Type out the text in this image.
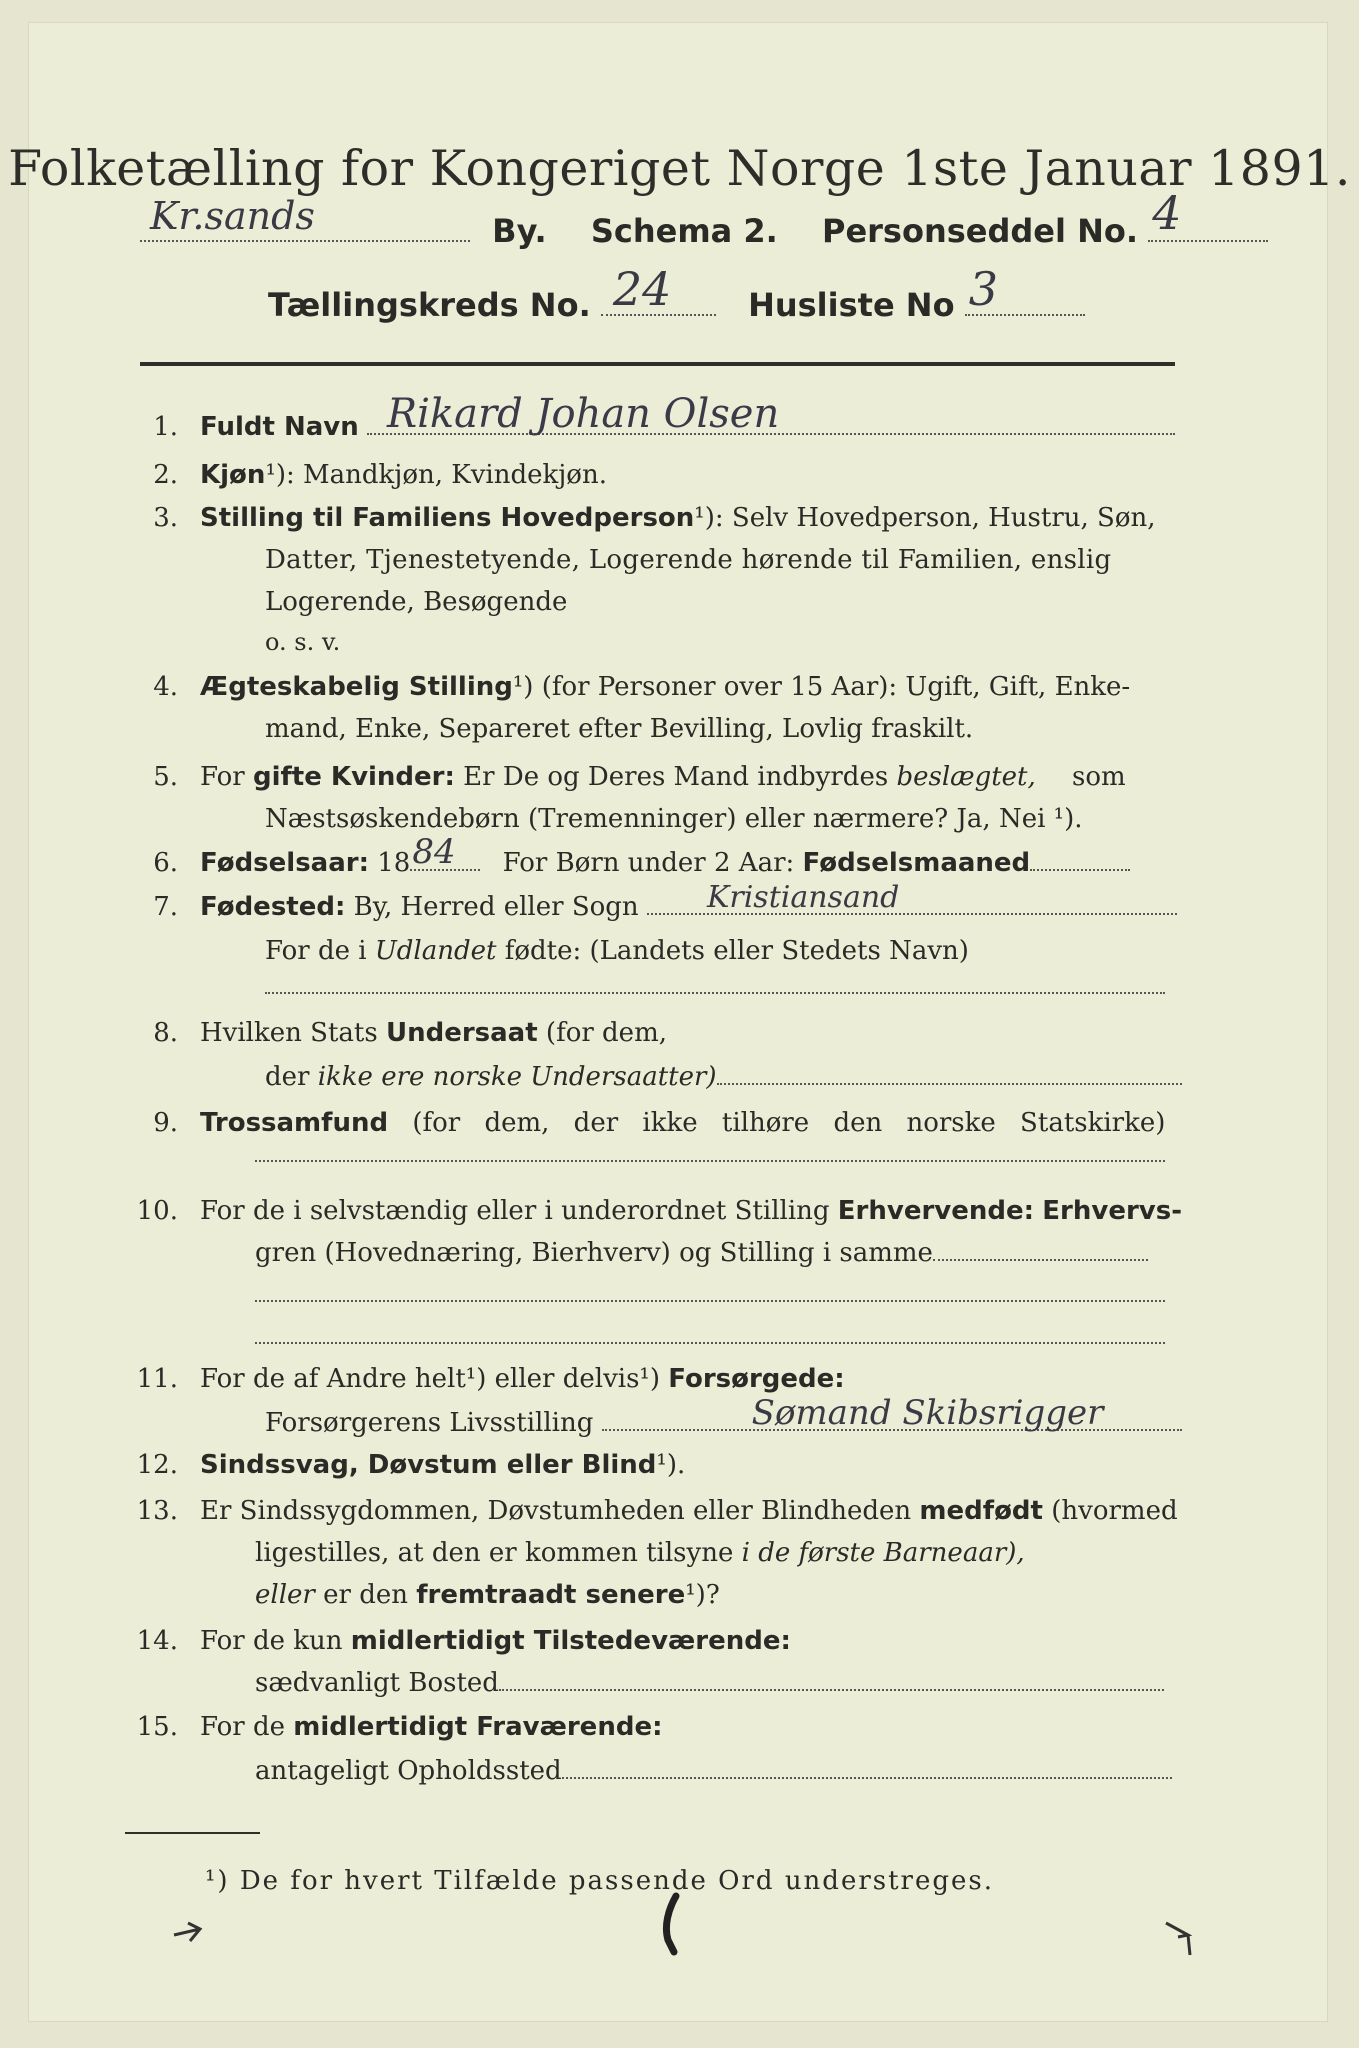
Folketælling for Kongeriget Norge 1ste Januar 1891.
Kr.sands	By. Schema 2. Personseddel No. 4
Tællingskreds No. 24 Husliste No 3
1. Fuldt Navn Rikard Johan Olsen
2. Kjøn¹): Mandkjøn, Kvindekjøn.
3. Stilling til Familiens Hovedperson¹): Selv Hovedperson, Hustru, Søn,
Datter, Tjenestetyende, Logerende hørende til Familien, enslig
Logerende, Besøgende
o. s. v.
4. Ægteskabelig Stilling¹) (for Personer over 15 Aar): Ugift, Gift, Enke-
mand, Enke, Separeret efter Bevilling, Lovlig fraskilt.
5. For gifte Kvinder: Er De og Deres Mand indbyrdes beslægtet, som
Næstsøskendebørn (Tremenninger) eller nærmere? Ja, Nei ¹).
6. Fødselsaar: 18 84 For Børn under 2 Aar: Fødselsmaaned
7. Fødested: By, Herred eller Sogn Kristiansand
For de i Udlandet fødte: (Landets eller Stedets Navn)
8. Hvilken Stats Undersaat (for dem,
der ikke ere norske Undersaatter)
9. Trossamfund (for dem, der ikke tilhøre den norske Statskirke)
10. For de i selvstændig eller i underordnet Stilling Erhvervende: Erhvervs-
gren (Hovednæring, Bierhverv) og Stilling i samme
11. For de af Andre helt¹) eller delvis¹) Forsørgede:
Forsørgerens Livsstilling	Sømand Skibsrigger
12. Sindssvag, Døvstum eller Blind¹).
13. Er Sindssygdommen, Døvstumheden eller Blindheden medfødt (hvormed
ligestilles, at den er kommen tilsyne i de første Barneaar),
eller er den fremtraadt senere¹)?
14. For de kun midlertidigt Tilstedeværende:
sædvanligt Bosted
15. For de midlertidigt Fraværende:
antageligt Opholdssted
¹) De for hvert Tilfælde passende Ord understreges.
